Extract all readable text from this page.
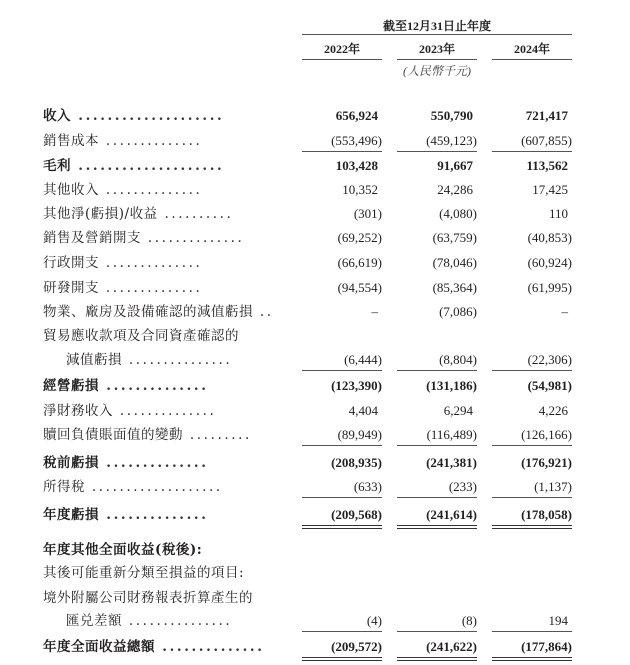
截至12月31日止年度
2022年	2023年	2024年
(人民幣千元)
收入 ....................	656,924	550,790	721,417
銷售成本 ..............	(553,496)	(459,123)	(607,855)
毛利 ....................	103,428	91,667	113,562
其他收入 ..............	10,352	24,286	17,425
其他淨(虧損)/收益 ..........	(301)	(4,080)	110
銷售及營銷開支 ..............	(69,252)	(63,759)	(40,853)
行政開支 ..............	(66,619)	(78,046)	(60,924)
研發開支 ..............	(94,554)	(85,364)	(61,995)
物業、廠房及設備確認的減值虧損 ..	–	(7,086)	–
貿易應收款項及合同資產確認的
減值虧損 ...............	(6,444)	(8,804)	(22,306)
經營虧損 ..............	(123,390)	(131,186)	(54,981)
淨財務收入 ..............	4,404	6,294	4,226
贖回負債賬面值的變動 .........	(89,949)	(116,489)	(126,166)
稅前虧損 ..............	(208,935)	(241,381)	(176,921)
所得稅 ...................	(633)	(233)	(1,137)
年度虧損 ..............	(209,568)	(241,614)	(178,058)
年度其他全面收益(稅後):
其後可能重新分類至損益的項目:
境外附屬公司財務報表折算產生的
匯兑差額 ...............	(4)	(8)	194
年度全面收益總額 ..............	(209,572)	(241,622)	(177,864)
